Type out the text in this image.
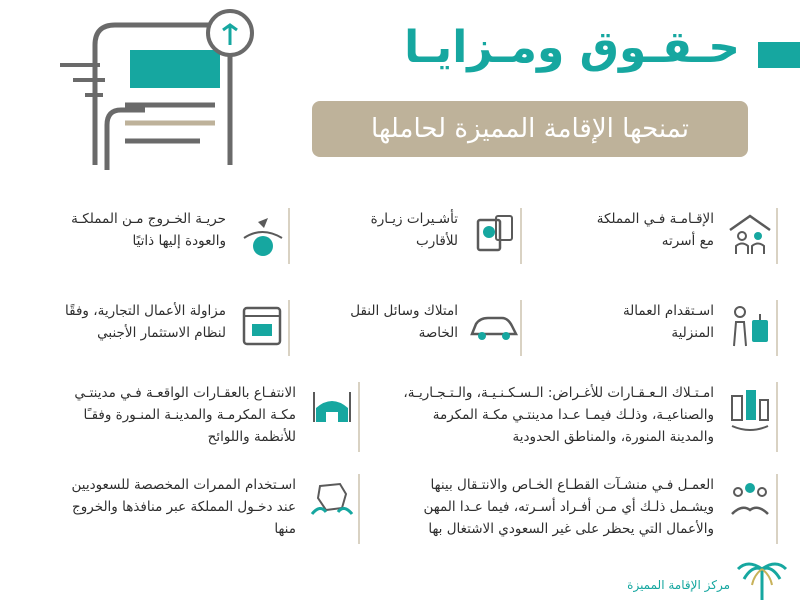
حـقـوق ومـزايـا
تمنحها الإقامة المميزة لحاملها
الإقـامـة فـي المملكة
مع أسرته
تأشـيرات زيـارة
للأقارب
حريـة الخـروج مـن المملكـة
والعودة إليها ذاتيًا
اسـتقدام العمالة
المنزلية
امتلاك وسائل النقل
الخاصة
مزاولة الأعمال التجارية، وفقًا
لنظام الاستثمار الأجنبي
امـتـلاك الـعـقـارات للأغـراض: الـسـكـنـيـة، والـتـجـاريـة،
والصناعيـة، وذلـك فيمـا عـدا مدينتـي مكـة المكرمة
والمدينة المنورة، والمناطق الحدودية
الانتفـاع بالعقـارات الواقعـة فـي مدينتـي
مكـة المكرمـة والمدينـة المنـورة وفقـًا
للأنظمة واللوائح
العمـل فـي منشـآت القطـاع الخـاص والانتـقال بينها
ويشـمل ذلـك أي مـن أفـراد أسـرته، فيما عـدا المهن
والأعمال التي يحظر على غير السعودي الاشتغال بها
اسـتخدام الممرات المخصصة للسعوديين
عند دخـول المملكة عبر منافذها والخروج
منها
مركز الإقامة المميزة
